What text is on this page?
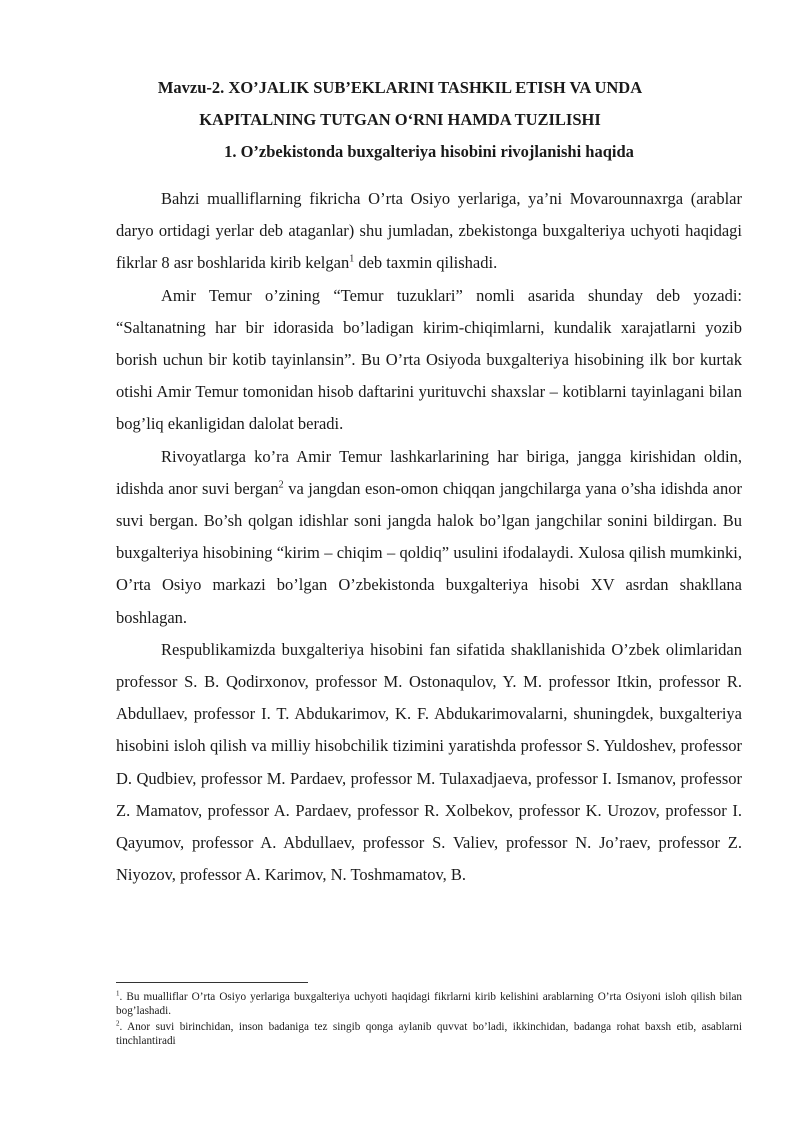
Mavzu-2. XO’JALIK SUB’EKLARINI TASHKIL ETISH VA UNDA
KAPITALNING TUTGAN O‘RNI HAMDA TUZILISHI
1. O’zbekistonda buxgalteriya hisobini rivojlanishi haqida

Bahzi mualliflarning fikricha O’rta Osiyo yerlariga, ya’ni Movarounnaxrga (arablar daryo ortidagi yerlar deb ataganlar) shu jumladan, zbekistonga buxgalteriya uchyoti haqidagi fikrlar 8 asr boshlarida kirib kelgan$^1$ deb taxmin qilishadi.

Amir Temur o’zining “Temur tuzuklari” nomli asarida shunday deb yozadi: “Saltanatning har bir idorasida bo’ladigan kirim-chiqimlarni, kundalik xarajatlarni yozib borish uchun bir kotib tayinlansin”. Bu O’rta Osiyoda buxgalteriya hisobining ilk bor kurtak otishi Amir Temur tomonidan hisob daftarini yurituvchi shaxslar – kotiblarni tayinlagani bilan bog’liq ekanligidan dalolat beradi.

Rivoyatlarga ko’ra Amir Temur lashkarlarining har biriga, jangga kirishidan oldin, idishda anor suvi bergan$^2$ va jangdan eson-omon chiqqan jangchilarga yana o’sha idishda anor suvi bergan. Bo’sh qolgan idishlar soni jangda halok bo’lgan jangchilar sonini bildirgan. Bu buxgalteriya hisobining “kirim – chiqim – qoldiq” usulini ifodalaydi. Xulosa qilish mumkinki, O’rta Osiyo markazi bo’lgan O’zbekistonda buxgalteriya hisobi XV asrdan shakllana boshlagan.

Respublikamizda buxgalteriya hisobini fan sifatida shakllanishida O’zbek olimlaridan professor S. B. Qodirxonov, professor M. Ostonaqulov, Y. M. professor Itkin, professor R. Abdullaev, professor I. T. Abdukarimov, K. F. Abdukarimovalarni, shuningdek, buxgalteriya hisobini isloh qilish va milliy hisobchilik tizimini yaratishda professor S. Yuldoshev, professor D. Qudbiev, professor M. Pardaev, professor M. Tulaxadjaeva, professor I. Ismanov, professor Z. Mamatov, professor A. Pardaev, professor R. Xolbekov, professor K. Urozov, professor I. Qayumov, professor A. Abdullaev, professor S. Valiev, professor N. Jo’raev, professor Z. Niyozov, professor A. Karimov, N. Toshmamatov, B.

$^1$. Bu mualliflar O’rta Osiyo yerlariga buxgalteriya uchyoti haqidagi fikrlarni kirib kelishini arablarning O’rta Osiyoni isloh qilish bilan bog’lashadi.

$^2$. Anor suvi birinchidan, inson badaniga tez singib qonga aylanib quvvat bo’ladi, ikkinchidan, badanga rohat baxsh etib, asablarni tinchlantiradi
